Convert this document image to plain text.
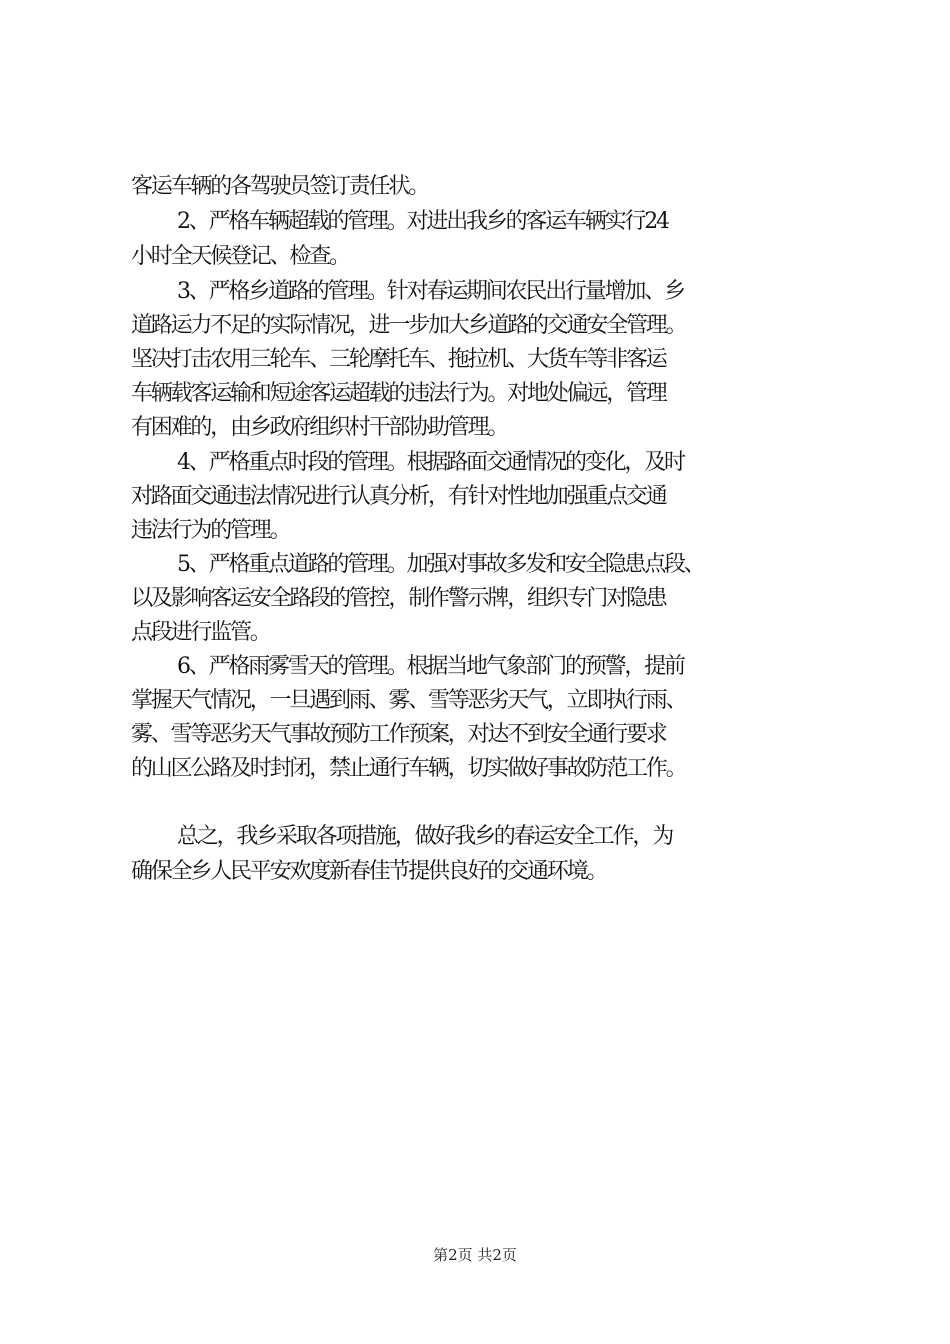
客运车辆的各驾驶员签订责任状。
2、严格车辆超载的管理。对进出我乡的客运车辆实行24
小时全天候登记、检查。
3、严格乡道路的管理。针对春运期间农民出行量增加、乡
道路运力不足的实际情况，进一步加大乡道路的交通安全管理。
坚决打击农用三轮车、三轮摩托车、拖拉机、大货车等非客运
车辆载客运输和短途客运超载的违法行为。对地处偏远，管理
有困难的，由乡政府组织村干部协助管理。
4、严格重点时段的管理。根据路面交通情况的变化，及时
对路面交通违法情况进行认真分析，有针对性地加强重点交通
违法行为的管理。
5、严格重点道路的管理。加强对事故多发和安全隐患点段、
以及影响客运安全路段的管控，制作警示牌，组织专门对隐患
点段进行监管。
6、严格雨雾雪天的管理。根据当地气象部门的预警，提前
掌握天气情况，一旦遇到雨、雾、雪等恶劣天气，立即执行雨、
雾、雪等恶劣天气事故预防工作预案，对达不到安全通行要求
的山区公路及时封闭，禁止通行车辆，切实做好事故防范工作。
总之，我乡采取各项措施，做好我乡的春运安全工作，为
确保全乡人民平安欢度新春佳节提供良好的交通环境。
第2页 共2页
